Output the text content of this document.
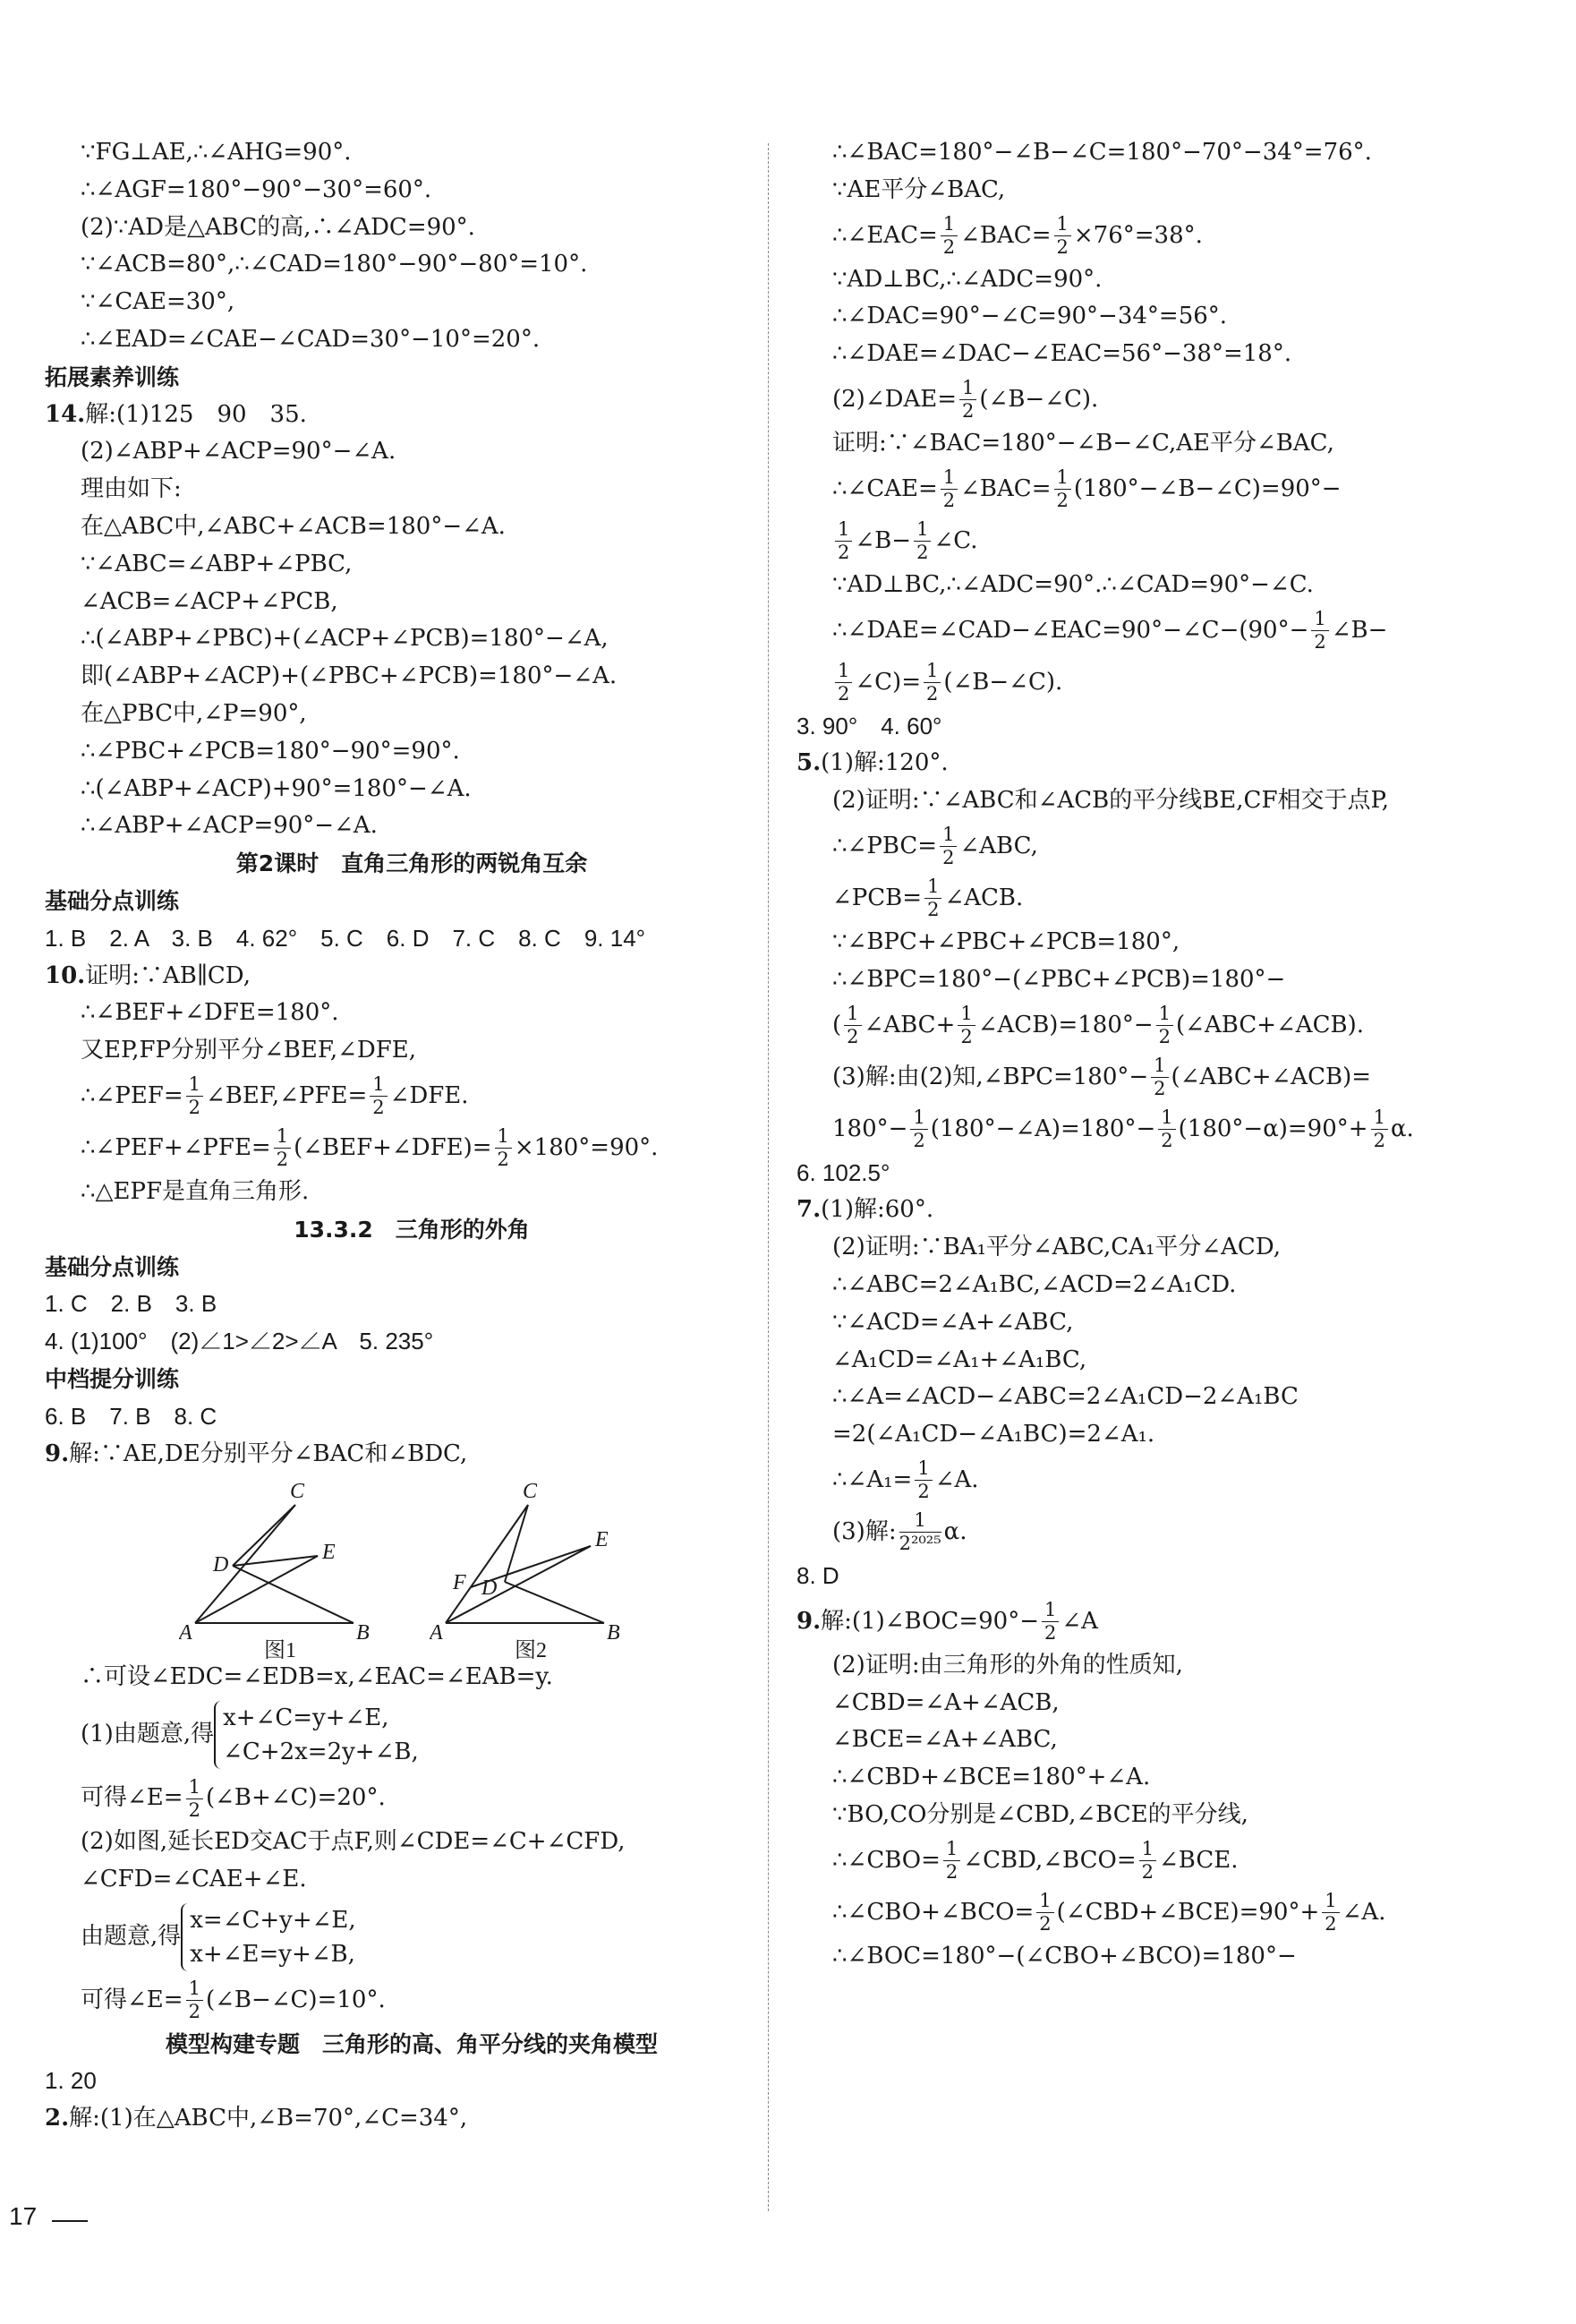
∵FG⊥AE,∴∠AHG=90°.
∴∠AGF=180°−90°−30°=60°.
(2)∵AD是△ABC的高,∴∠ADC=90°.
∵∠ACB=80°,∴∠CAD=180°−90°−80°=10°.
∵∠CAE=30°,
∴∠EAD=∠CAE−∠CAD=30°−10°=20°.
拓展素养训练
14.解:(1)125　90　35.
(2)∠ABP+∠ACP=90°−∠A.
理由如下:
在△ABC中,∠ABC+∠ACB=180°−∠A.
∵∠ABC=∠ABP+∠PBC,
∠ACB=∠ACP+∠PCB,
∴(∠ABP+∠PBC)+(∠ACP+∠PCB)=180°−∠A,
即(∠ABP+∠ACP)+(∠PBC+∠PCB)=180°−∠A.
在△PBC中,∠P=90°,
∴∠PBC+∠PCB=180°−90°=90°.
∴(∠ABP+∠ACP)+90°=180°−∠A.
∴∠ABP+∠ACP=90°−∠A.
第2课时　直角三角形的两锐角互余
基础分点训练
1. B　2. A　3. B　4. 62°　5. C　6. D　7. C　8. C　9. 14°
10.证明:∵AB∥CD,
∴∠BEF+∠DFE=180°.
又EP,FP分别平分∠BEF,∠DFE,
∴∠PEF= $\frac{1}{2}$ ∠BEF,∠PFE= $\frac{1}{2}$ ∠DFE.
∴∠PEF+∠PFE= $\frac{1}{2}$ (∠BEF+∠DFE)= $\frac{1}{2} \times 180^\circ=90^\circ$.
∴△EPF是直角三角形.
13.3.2　三角形的外角
基础分点训练
1. C　2. B　3. B
4. (1)100°　(2)∠1>∠2>∠A　5. 235°
中档提分训练
6. B　7. B　8. C
9.解:∵AE,DE分别平分∠BAC和∠BDC,
A	B
C
D
E
图1
A	B
C
D
E
F
图2
∴可设∠EDC=∠EDB=x,∠EAC=∠EAB=y.
(1)由题意,得
x+∠C=y+∠E,
∠C+2x=2y+∠B,
可得∠E= $\frac{1}{2}$ (∠B+∠C)=20°.
(2)如图,延长ED交AC于点F,则∠CDE=∠C+∠CFD,
∠CFD=∠CAE+∠E.
由题意,得
x=∠C+y+∠E,
x+∠E=y+∠B,
可得∠E= $\frac{1}{2}$ (∠B−∠C)=10°.
模型构建专题　三角形的高、角平分线的夹角模型
1. 20
2.解:(1)在△ABC中,∠B=70°,∠C=34°,
∴∠BAC=180°−∠B−∠C=180°−70°−34°=76°.
∵AE平分∠BAC,
∴∠EAC= $\frac{1}{2}$ ∠BAC= $\frac{1}{2} \times 76^\circ=38^\circ$.
∵AD⊥BC,∴∠ADC=90°.
∴∠DAC=90°−∠C=90°−34°=56°.
∴∠DAE=∠DAC−∠EAC=56°−38°=18°.
(2)∠DAE= $\frac{1}{2}$ (∠B−∠C).
证明:∵∠BAC=180°−∠B−∠C,AE平分∠BAC,
∴∠CAE= $\frac{1}{2}$ ∠BAC= $\frac{1}{2}$ (180°−∠B−∠C)=90°−
$\frac{1}{2}$ ∠B− $\frac{1}{2}$ ∠C.
∵AD⊥BC,∴∠ADC=90°.∴∠CAD=90°−∠C.
∴∠DAE=∠CAD−∠EAC=90°−∠C−(90°− $\frac{1}{2}$ ∠B−
$\frac{1}{2}$ ∠C)= $\frac{1}{2}$ (∠B−∠C).
3. 90°　4. 60°
5.(1)解:120°.
(2)证明:∵∠ABC和∠ACB的平分线BE,CF相交于点P,
∴∠PBC= $\frac{1}{2}$ ∠ABC,
∠PCB= $\frac{1}{2}$ ∠ACB.
∵∠BPC+∠PBC+∠PCB=180°,
∴∠BPC=180°−(∠PBC+∠PCB)=180°−
( $\frac{1}{2}$ ∠ABC+ $\frac{1}{2}$ ∠ACB)=180°− $\frac{1}{2}$ (∠ABC+∠ACB).
(3)解:由(2)知,∠BPC=180°− $\frac{1}{2}$ (∠ABC+∠ACB)=
$180^\circ- \frac{1}{2}$ (180°−∠A)=180°− $\frac{1}{2} (180^\circ-\alpha)=90^\circ+ \frac{1}{2} \alpha$.
6. 102.5°
7.(1)解:60°.
(2)证明:∵BA₁平分∠ABC,CA₁平分∠ACD,
∴∠ABC=2∠A₁BC,∠ACD=2∠A₁CD.
∵∠ACD=∠A+∠ABC,
∠A₁CD=∠A₁+∠A₁BC,
∴∠A=∠ACD−∠ABC=2∠A₁CD−2∠A₁BC
=2(∠A₁CD−∠A₁BC)=2∠A₁.
∴∠A₁= $\frac{1}{2}$ ∠A.
(3)解: $\frac{1}{\text{2²⁰²⁵}} \alpha$.
8. D
9.解:(1)∠BOC=90°− $\frac{1}{2}$ ∠A
(2)证明:由三角形的外角的性质知,
∠CBD=∠A+∠ACB,
∠BCE=∠A+∠ABC,
∴∠CBD+∠BCE=180°+∠A.
∵BO,CO分别是∠CBD,∠BCE的平分线,
∴∠CBO= $\frac{1}{2}$ ∠CBD,∠BCO= $\frac{1}{2}$ ∠BCE.
∴∠CBO+∠BCO= $\frac{1}{2}$ (∠CBD+∠BCE)=90°+ $\frac{1}{2}$ ∠A.
∴∠BOC=180°−(∠CBO+∠BCO)=180°−
17
